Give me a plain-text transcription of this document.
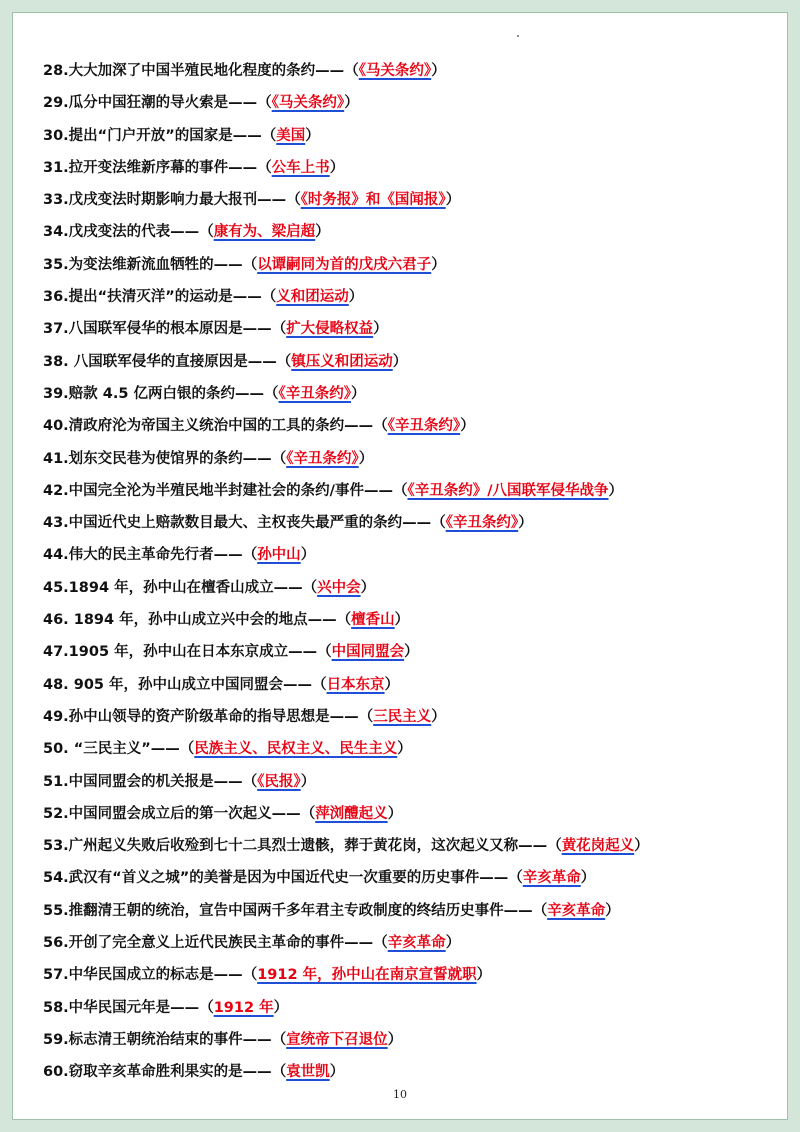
28.大大加深了中国半殖民地化程度的条约——（《马关条约》）
29.瓜分中国狂潮的导火索是——（《马关条约》）
30.提出“门户开放”的国家是——（美国）
31.拉开变法维新序幕的事件——（公车上书）
33.戊戌变法时期影响力最大报刊——（《时务报》和《国闻报》）
34.戊戌变法的代表——（康有为、梁启超）
35.为变法维新流血牺牲的——（以谭嗣同为首的戊戌六君子）
36.提出“扶清灭洋”的运动是——（义和团运动）
37.八国联军侵华的根本原因是——（扩大侵略权益）
38. 八国联军侵华的直接原因是——（镇压义和团运动）
39.赔款 4.5 亿两白银的条约——（《辛丑条约》）
40.清政府沦为帝国主义统治中国的工具的条约——（《辛丑条约》）
41.划东交民巷为使馆界的条约——（《辛丑条约》）
42.中国完全沦为半殖民地半封建社会的条约/事件——（《辛丑条约》/八国联军侵华战争）
43.中国近代史上赔款数目最大、主权丧失最严重的条约——（《辛丑条约》）
44.伟大的民主革命先行者——（孙中山）
45.1894 年，孙中山在檀香山成立——（兴中会）
46. 1894 年，孙中山成立兴中会的地点——（檀香山）
47.1905 年，孙中山在日本东京成立——（中国同盟会）
48. 905 年，孙中山成立中国同盟会——（日本东京）
49.孙中山领导的资产阶级革命的指导思想是——（三民主义）
50. “三民主义”——（民族主义、民权主义、民生主义）
51.中国同盟会的机关报是——（《民报》）
52.中国同盟会成立后的第一次起义——（萍浏醴起义）
53.广州起义失败后收殓到七十二具烈士遗骸，葬于黄花岗，这次起义又称——（黄花岗起义）
54.武汉有“首义之城”的美誉是因为中国近代史一次重要的历史事件——（辛亥革命）
55.推翻清王朝的统治，宣告中国两千多年君主专政制度的终结历史事件——（辛亥革命）
56.开创了完全意义上近代民族民主革命的事件——（辛亥革命）
57.中华民国成立的标志是——（1912 年，孙中山在南京宣誓就职）
58.中华民国元年是——（1912 年）
59.标志清王朝统治结束的事件——（宣统帝下召退位）
60.窃取辛亥革命胜利果实的是——（袁世凯）
10
